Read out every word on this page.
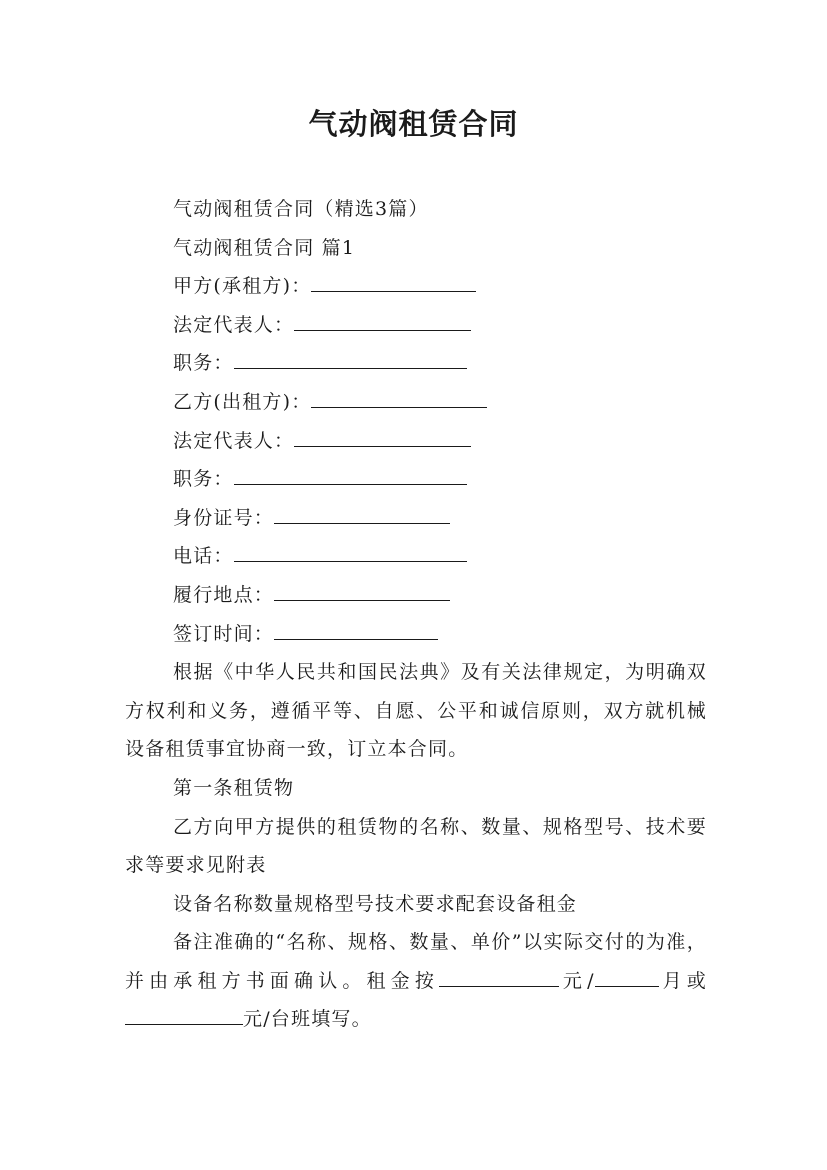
气动阀租赁合同

气动阀租赁合同（精选3篇）

气动阀租赁合同 篇1

甲方(承租方)：

法定代表人：

职务：

乙方(出租方)：

法定代表人：

职务：

身份证号：

电话：

履行地点：

签订时间：

根据《中华人民共和国民法典》及有关法律规定，为明确双方权利和义务，遵循平等、自愿、公平和诚信原则，双方就机械设备租赁事宜协商一致，订立本合同。

第一条租赁物

乙方向甲方提供的租赁物的名称、数量、规格型号、技术要求等要求见附表

设备名称数量规格型号技术要求配套设备租金

备注准确的“名称、规格、数量、单价”以实际交付的为准，并由承租方书面确认。租金按	元/	月或元/台班填写。
